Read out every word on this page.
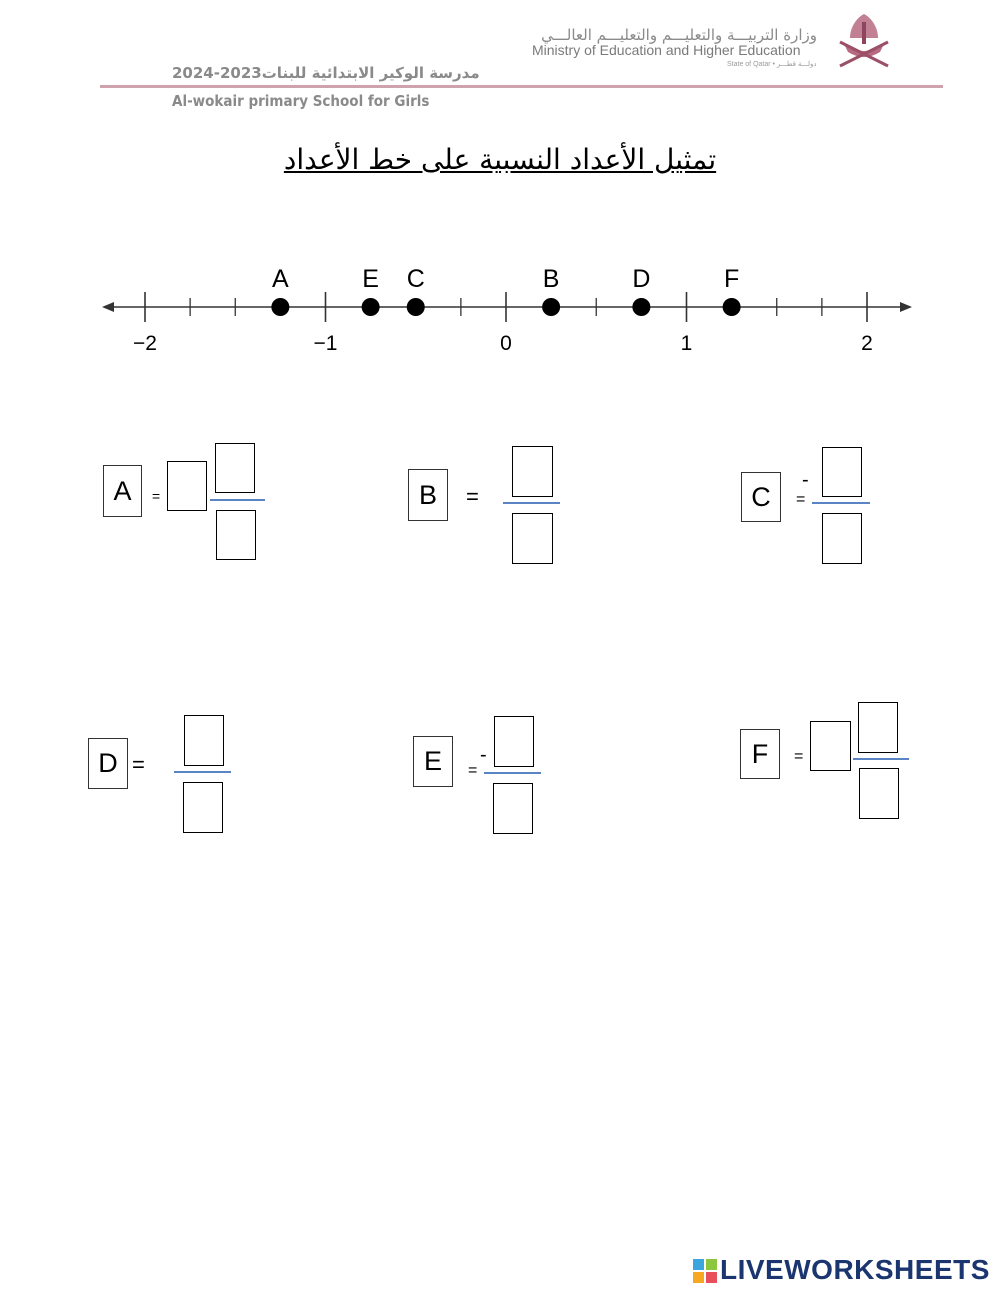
وزارة التربيـــة والتعليـــم والتعليـــم العالـــي
Ministry of Education and Higher Education
State of Qatar • دولـــة قطـــر
مدرسة الوكير الابتدائية للبنات2023-2024
Al-wokair primary School for Girls
تمثيل الأعداد النسبية على خط الأعداد
−2	−1	0	1	2
A	E C	B	D	F
A	=	B	=	C
-
=
D =	E	-
=
F	=
LIVEWORKSHEETS
